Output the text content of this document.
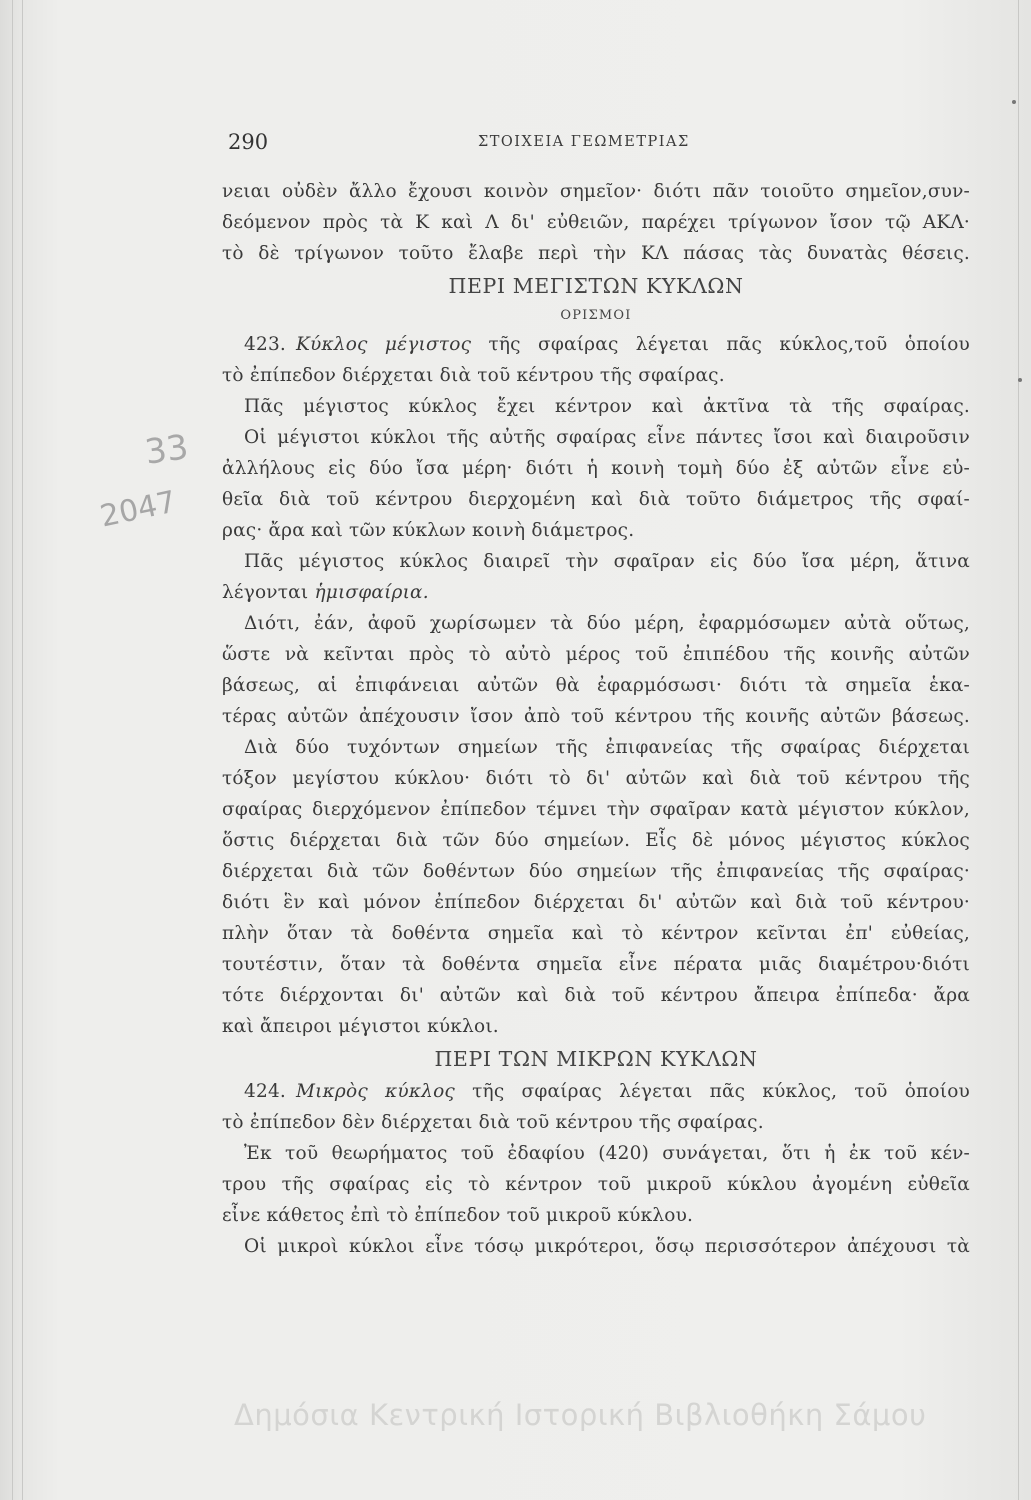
290	ΣΤΟΙΧΕΙΑ ΓΕΩΜΕΤΡΙΑΣ
33
2047
νειαι οὐδὲν ἄλλο ἔχουσι κοινὸν σημεῖον· διότι πᾶν τοιοῦτο σημεῖον,συν-
δεόμενον πρὸς τὰ Κ καὶ Λ δι' εὐθειῶν, παρέχει τρίγωνον ἴσον τῷ ΑΚΛ·
τὸ δὲ τρίγωνον τοῦτο ἔλαβε περὶ τὴν ΚΛ πάσας τὰς δυνατὰς θέσεις.
ΠΕΡΙ ΜΕΓΙΣΤΩΝ ΚΥΚΛΩΝ
ΟΡΙΣΜΟΙ
423. Κύκλος μέγιστος τῆς σφαίρας λέγεται πᾶς κύκλος,τοῦ ὁποίου
τὸ ἐπίπεδον διέρχεται διὰ τοῦ κέντρου τῆς σφαίρας.
Πᾶς μέγιστος κύκλος ἔχει κέντρον καὶ ἀκτῖνα τὰ τῆς σφαίρας.
Οἱ μέγιστοι κύκλοι τῆς αὐτῆς σφαίρας εἶνε πάντες ἴσοι καὶ διαιροῦσιν
ἀλλήλους εἰς δύο ἴσα μέρη· διότι ἡ κοινὴ τομὴ δύο ἐξ αὐτῶν εἶνε εὐ-
θεῖα διὰ τοῦ κέντρου διερχομένη καὶ διὰ τοῦτο διάμετρος τῆς σφαί-
ρας· ἄρα καὶ τῶν κύκλων κοινὴ διάμετρος.
Πᾶς μέγιστος κύκλος διαιρεῖ τὴν σφαῖραν εἰς δύο ἴσα μέρη, ἅτινα
λέγονται ἡμισφαίρια.
Διότι, ἐάν, ἀφοῦ χωρίσωμεν τὰ δύο μέρη, ἐφαρμόσωμεν αὐτὰ οὕτως,
ὥστε νὰ κεῖνται πρὸς τὸ αὐτὸ μέρος τοῦ ἐπιπέδου τῆς κοινῆς αὐτῶν
βάσεως, αἱ ἐπιφάνειαι αὐτῶν θὰ ἐφαρμόσωσι· διότι τὰ σημεῖα ἑκα-
τέρας αὐτῶν ἀπέχουσιν ἴσον ἀπὸ τοῦ κέντρου τῆς κοινῆς αὐτῶν βάσεως.
Διὰ δύο τυχόντων σημείων τῆς ἐπιφανείας τῆς σφαίρας διέρχεται
τόξον μεγίστου κύκλου· διότι τὸ δι' αὐτῶν καὶ διὰ τοῦ κέντρου τῆς
σφαίρας διερχόμενον ἐπίπεδον τέμνει τὴν σφαῖραν κατὰ μέγιστον κύκλον,
ὅστις διέρχεται διὰ τῶν δύο σημείων. Εἷς δὲ μόνος μέγιστος κύκλος
διέρχεται διὰ τῶν δοθέντων δύο σημείων τῆς ἐπιφανείας τῆς σφαίρας·
διότι ἓν καὶ μόνον ἐπίπεδον διέρχεται δι' αὐτῶν καὶ διὰ τοῦ κέντρου·
πλὴν ὅταν τὰ δοθέντα σημεῖα καὶ τὸ κέντρον κεῖνται ἐπ' εὐθείας,
τουτέστιν, ὅταν τὰ δοθέντα σημεῖα εἶνε πέρατα μιᾶς διαμέτρου·διότι
τότε διέρχονται δι' αὐτῶν καὶ διὰ τοῦ κέντρου ἄπειρα ἐπίπεδα· ἄρα
καὶ ἄπειροι μέγιστοι κύκλοι.
ΠΕΡΙ ΤΩΝ ΜΙΚΡΩΝ ΚΥΚΛΩΝ
424. Μικρὸς κύκλος τῆς σφαίρας λέγεται πᾶς κύκλος, τοῦ ὁποίου
τὸ ἐπίπεδον δὲν διέρχεται διὰ τοῦ κέντρου τῆς σφαίρας.
Ἐκ τοῦ θεωρήματος τοῦ ἐδαφίου (420) συνάγεται, ὅτι ἡ ἐκ τοῦ κέν-
τρου τῆς σφαίρας εἰς τὸ κέντρον τοῦ μικροῦ κύκλου ἀγομένη εὐθεῖα
εἶνε κάθετος ἐπὶ τὸ ἐπίπεδον τοῦ μικροῦ κύκλου.
Οἱ μικροὶ κύκλοι εἶνε τόσῳ μικρότεροι, ὅσῳ περισσότερον ἀπέχουσι τὰ
Δημόσια Κεντρική Ιστορική Βιβλιοθήκη Σάμου
